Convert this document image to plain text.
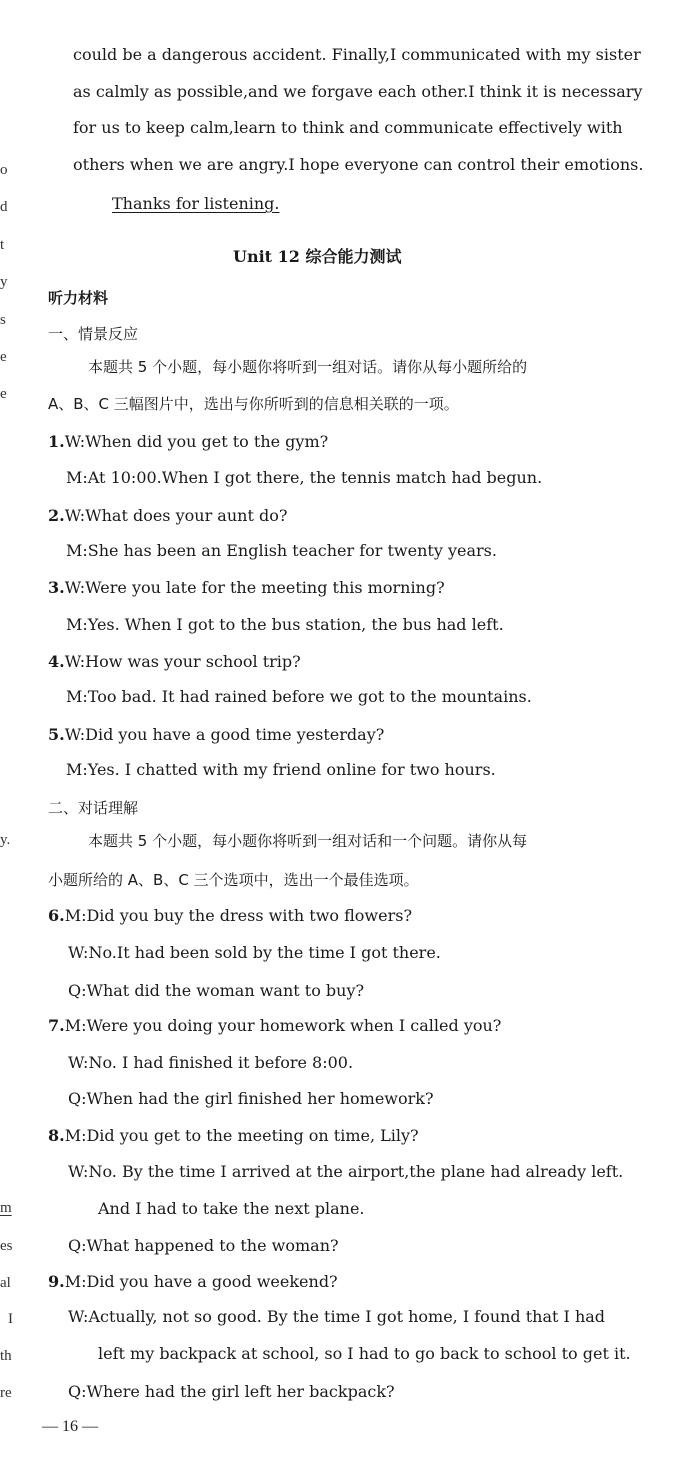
could be a dangerous accident. Finally,I communicated with my sister
as calmly as possible,and we forgave each other.I think it is necessary
for us to keep calm,learn to think and communicate effectively with
others when we are angry.I hope everyone can control their emotions.
Thanks for listening.
Unit 12 综合能力测试
听力材料
一、情景反应
本题共 5 个小题，每小题你将听到一组对话。请你从每小题所给的
A、B、C 三幅图片中，选出与你所听到的信息相关联的一项。
1.W:When did you get to the gym?
M:At 10:00.When I got there, the tennis match had begun.
2.W:What does your aunt do?
M:She has been an English teacher for twenty years.
3.W:Were you late for the meeting this morning?
M:Yes. When I got to the bus station, the bus had left.
4.W:How was your school trip?
M:Too bad. It had rained before we got to the mountains.
5.W:Did you have a good time yesterday?
M:Yes. I chatted with my friend online for two hours.
二、对话理解
本题共 5 个小题，每小题你将听到一组对话和一个问题。请你从每
小题所给的 A、B、C 三个选项中，选出一个最佳选项。
6.M:Did you buy the dress with two flowers?
W:No.It had been sold by the time I got there.
Q:What did the woman want to buy?
7.M:Were you doing your homework when I called you?
W:No. I had finished it before 8:00.
Q:When had the girl finished her homework?
8.M:Did you get to the meeting on time, Lily?
W:No. By the time I arrived at the airport,the plane had already left.
And I had to take the next plane.
Q:What happened to the woman?
9.M:Did you have a good weekend?
W:Actually, not so good. By the time I got home, I found that I had
left my backpack at school, so I had to go back to school to get it.
Q:Where had the girl left her backpack?
o
d
t
y
s
e
e
y.
m
es
al
I
th
re
— 16 —
